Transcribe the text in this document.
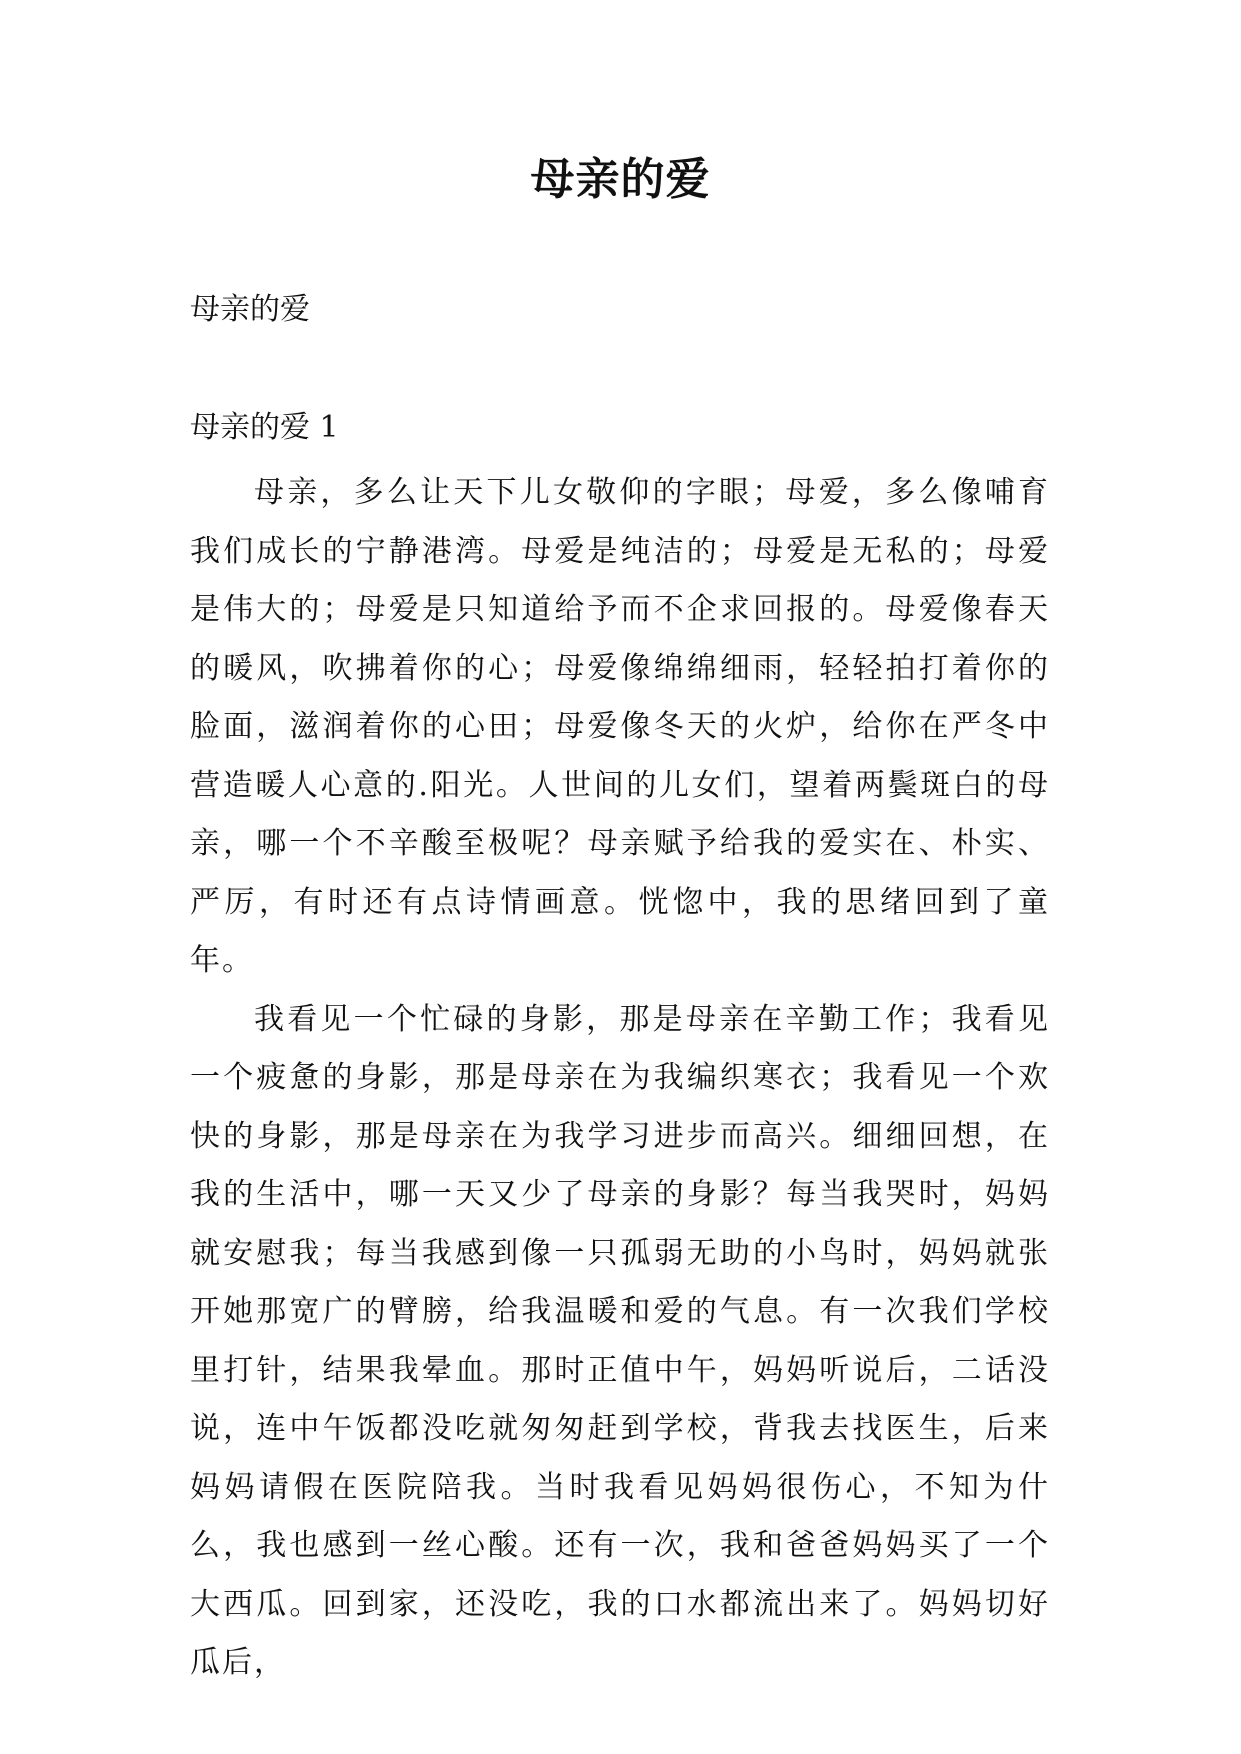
母亲的爱
母亲的爱
母亲的爱 1

母亲，多么让天下儿女敬仰的字眼；母爱，多么像哺育我们成长的宁静港湾。母爱是纯洁的；母爱是无私的；母爱是伟大的；母爱是只知道给予而不企求回报的。母爱像春天的暖风，吹拂着你的心；母爱像绵绵细雨，轻轻拍打着你的脸面，滋润着你的心田；母爱像冬天的火炉，给你在严冬中营造暖人心意的.阳光。人世间的儿女们，望着两鬓斑白的母亲，哪一个不辛酸至极呢？母亲赋予给我的爱实在、朴实、严厉，有时还有点诗情画意。恍惚中，我的思绪回到了童年。

我看见一个忙碌的身影，那是母亲在辛勤工作；我看见一个疲惫的身影，那是母亲在为我编织寒衣；我看见一个欢快的身影，那是母亲在为我学习进步而高兴。细细回想，在我的生活中，哪一天又少了母亲的身影？每当我哭时，妈妈就安慰我；每当我感到像一只孤弱无助的小鸟时，妈妈就张开她那宽广的臂膀，给我温暖和爱的气息。有一次我们学校里打针，结果我晕血。那时正值中午，妈妈听说后，二话没说，连中午饭都没吃就匆匆赶到学校，背我去找医生，后来妈妈请假在医院陪我。当时我看见妈妈很伤心，不知为什么，我也感到一丝心酸。还有一次，我和爸爸妈妈买了一个大西瓜。回到家，还没吃，我的口水都流出来了。妈妈切好瓜后，
